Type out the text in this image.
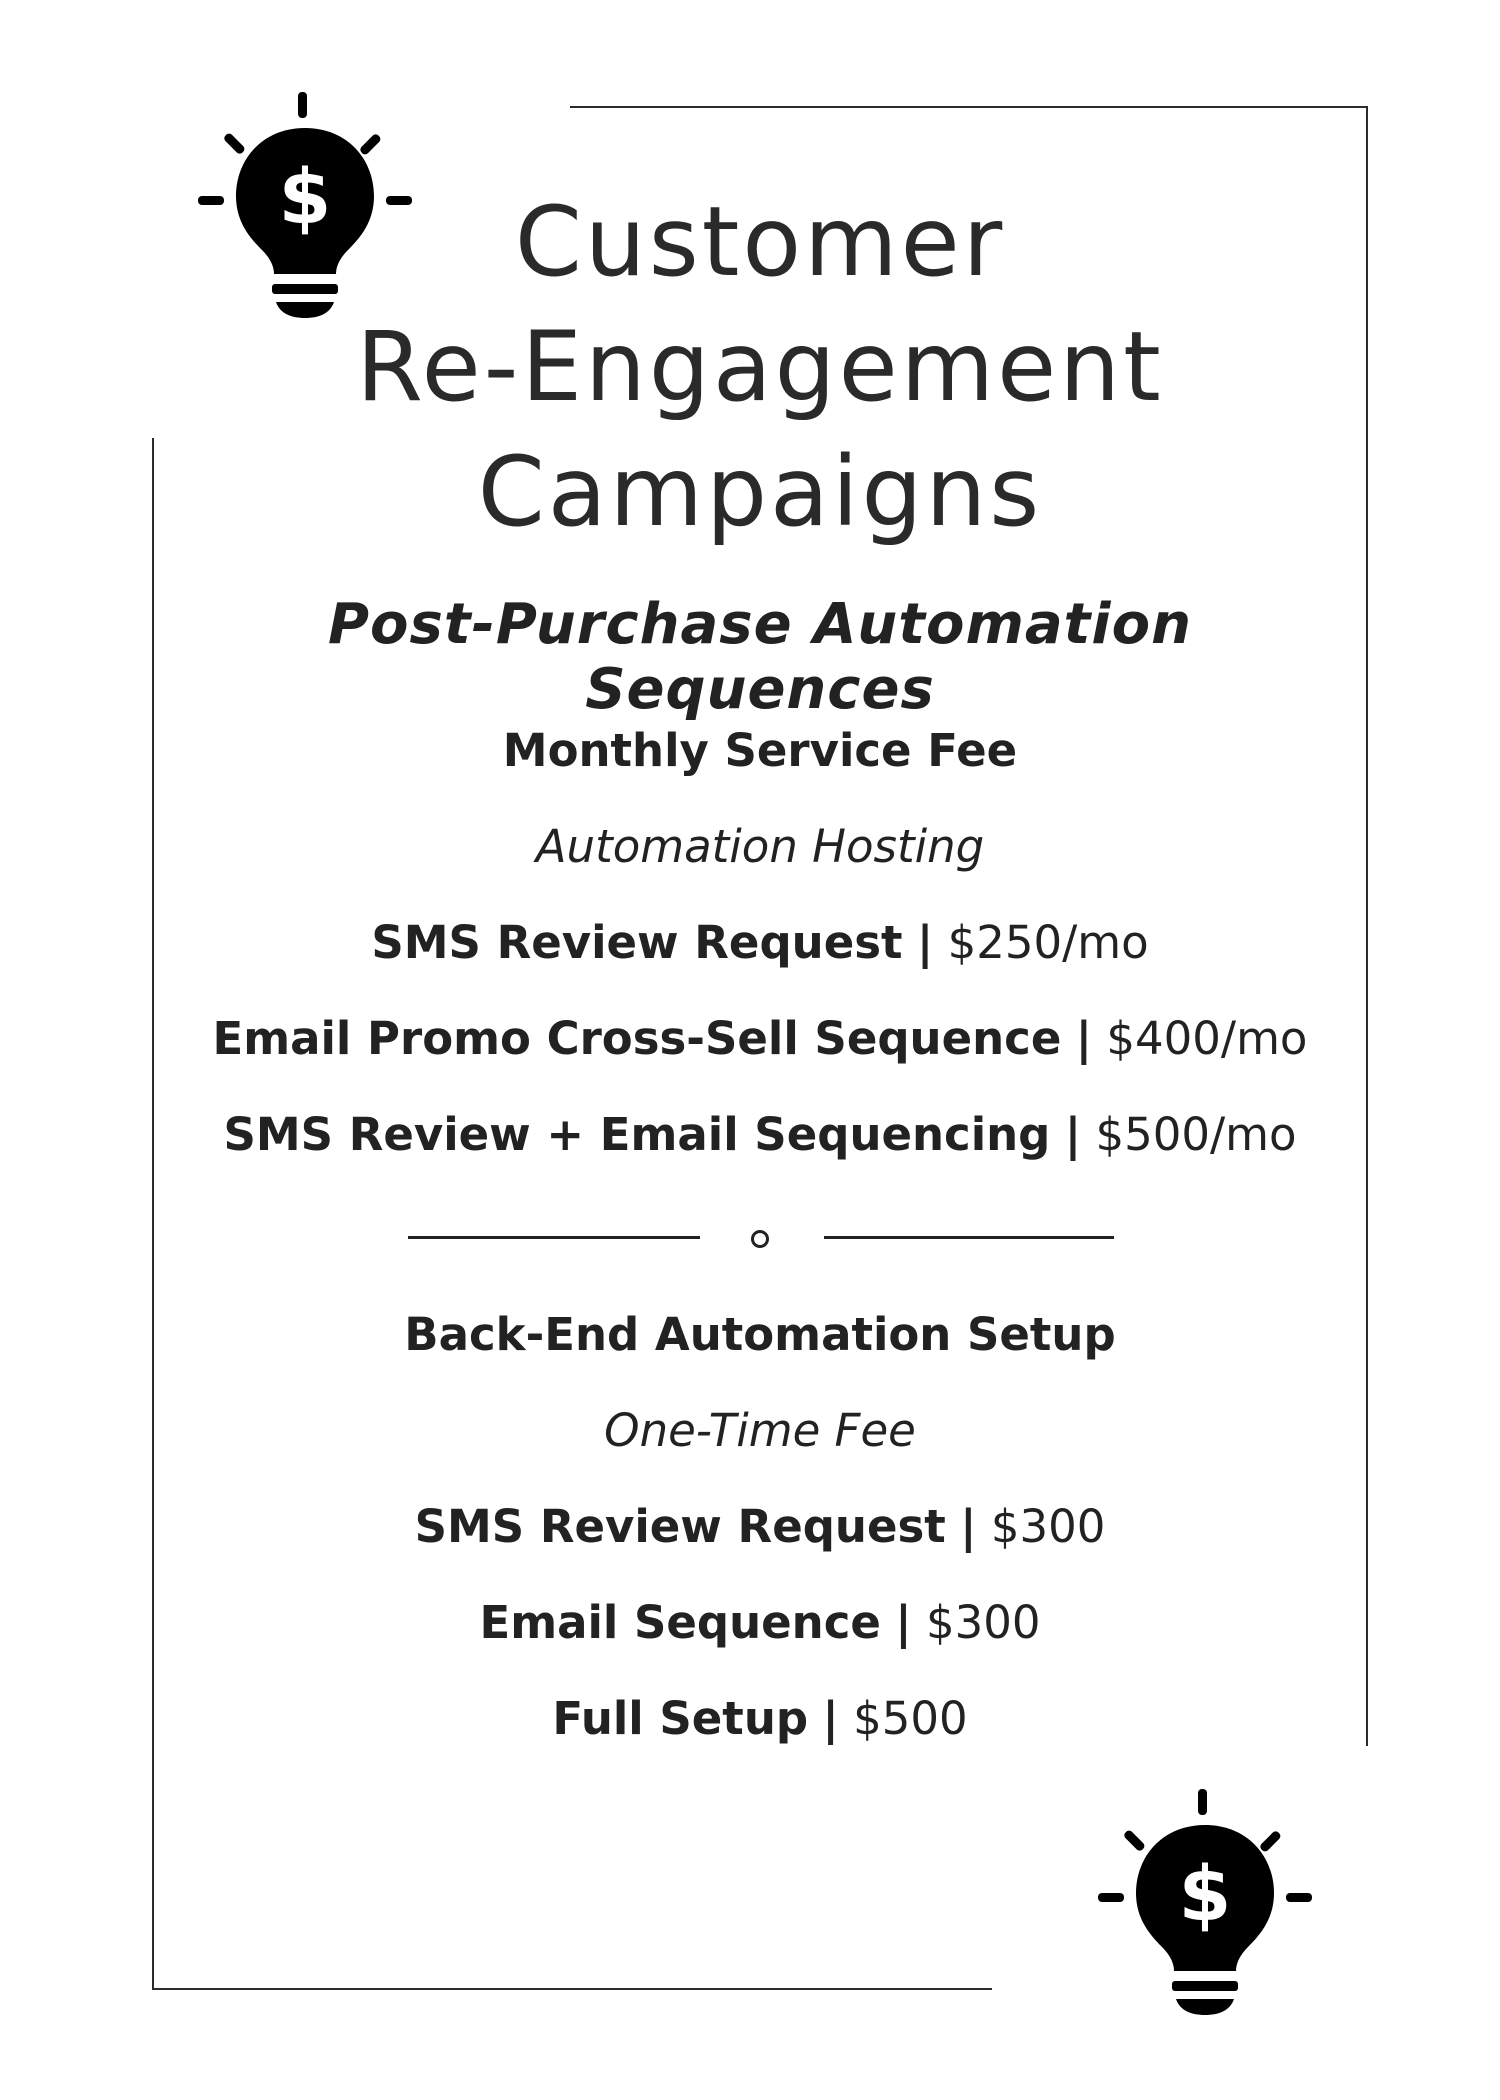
$	Customer
Re-Engagement
Campaigns
Post-Purchase Automation Sequences
Monthly Service Fee
Automation Hosting
SMS Review Request | $250/mo
Email Promo Cross-Sell Sequence | $400/mo
SMS Review + Email Sequencing | $500/mo
Back-End Automation Setup
One-Time Fee
SMS Review Request | $300
Email Sequence | $300
Full Setup | $500
$
